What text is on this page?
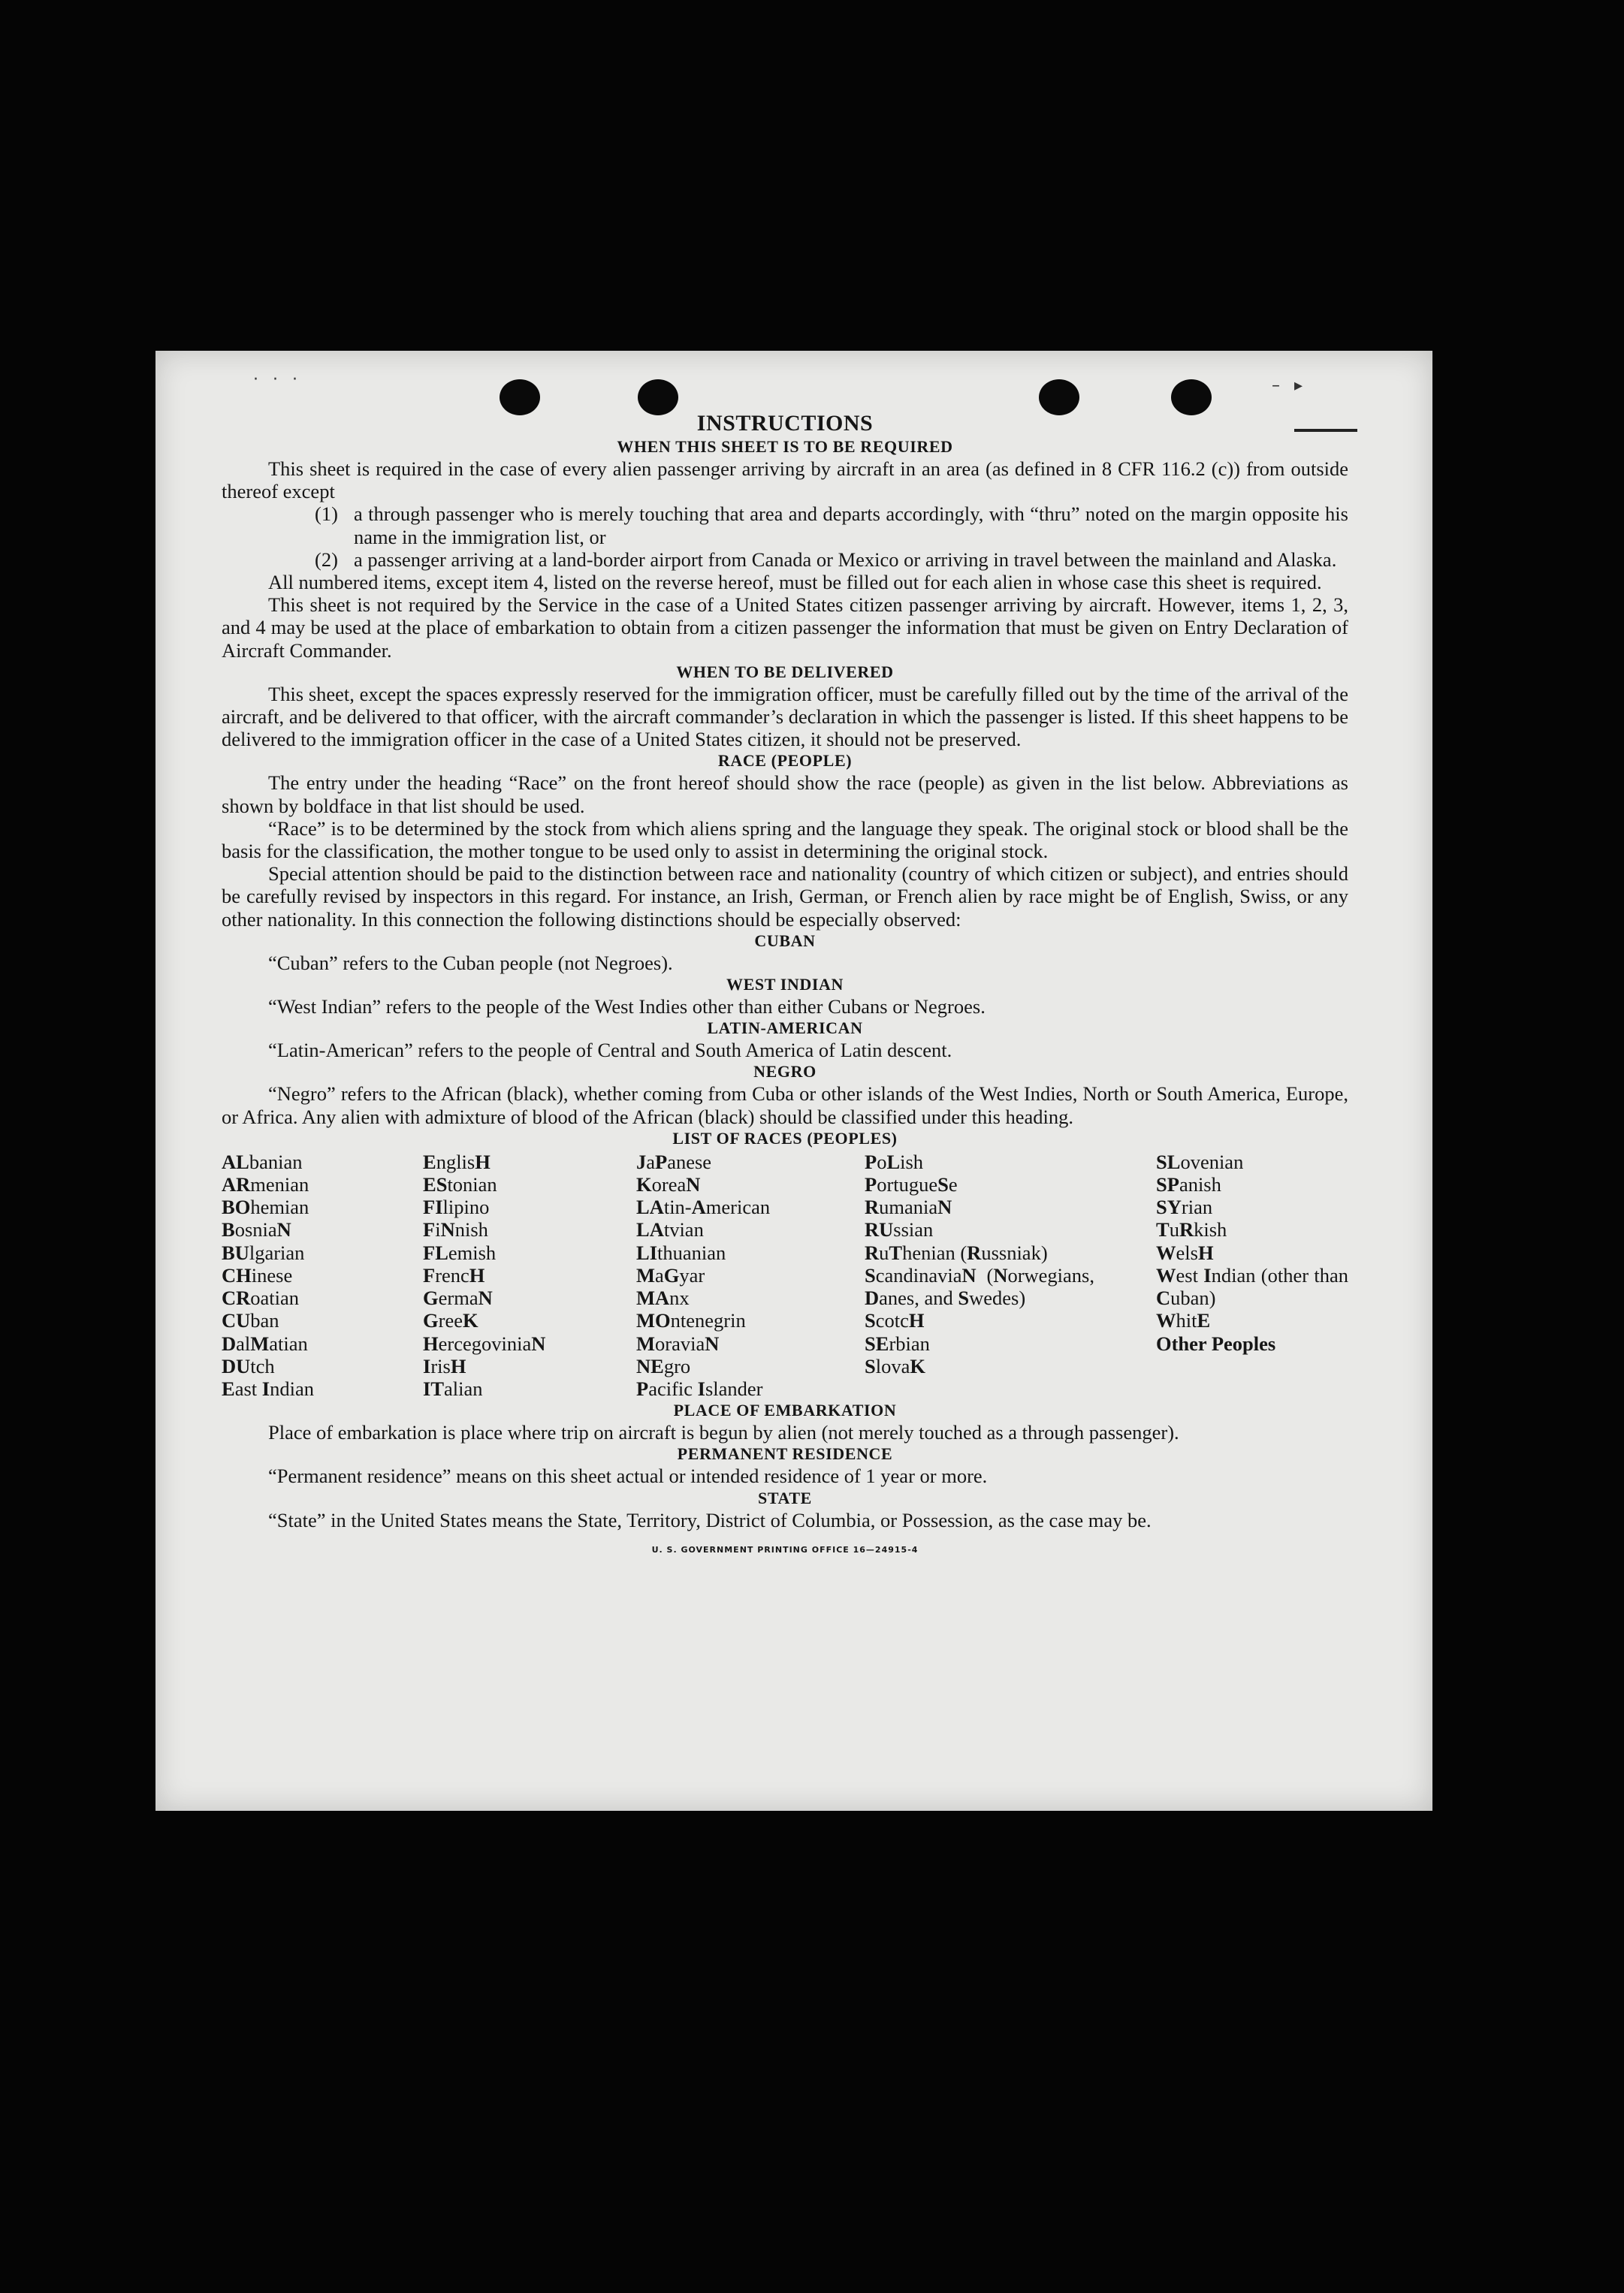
· · ·	– ▸
INSTRUCTIONS
WHEN THIS SHEET IS TO BE REQUIRED
This sheet is required in the case of every alien passenger arriving by aircraft in an area (as defined in 8 CFR 116.2 (c)) from outside thereof except
(1) a through passenger who is merely touching that area and departs accordingly, with “thru” noted on the margin opposite his name in the immigration list, or
(2) a passenger arriving at a land-border airport from Canada or Mexico or arriving in travel between the mainland and Alaska.
All numbered items, except item 4, listed on the reverse hereof, must be filled out for each alien in whose case this sheet is required.
This sheet is not required by the Service in the case of a United States citizen passenger arriving by aircraft. However, items 1, 2, 3, and 4 may be used at the place of embarkation to obtain from a citizen passenger the information that must be given on Entry Declaration of Aircraft Commander.
WHEN TO BE DELIVERED
This sheet, except the spaces expressly reserved for the immigration officer, must be carefully filled out by the time of the arrival of the aircraft, and be delivered to that officer, with the aircraft commander’s declaration in which the passenger is listed. If this sheet happens to be delivered to the immigration officer in the case of a United States citizen, it should not be preserved.
RACE (PEOPLE)
The entry under the heading “Race” on the front hereof should show the race (people) as given in the list below. Abbreviations as shown by boldface in that list should be used.
“Race” is to be determined by the stock from which aliens spring and the language they speak. The original stock or blood shall be the basis for the classification, the mother tongue to be used only to assist in determining the original stock.
Special attention should be paid to the distinction between race and nationality (country of which citizen or subject), and entries should be carefully revised by inspectors in this regard. For instance, an Irish, German, or French alien by race might be of English, Swiss, or any other nationality. In this connection the following distinctions should be especially observed:
CUBAN
“Cuban” refers to the Cuban people (not Negroes).
WEST INDIAN
“West Indian” refers to the people of the West Indies other than either Cubans or Negroes.
LATIN-AMERICAN
“Latin-American” refers to the people of Central and South America of Latin descent.
NEGRO
“Negro” refers to the African (black), whether coming from Cuba or other islands of the West Indies, North or South America, Europe, or Africa. Any alien with admixture of blood of the African (black) should be classified under this heading.
LIST OF RACES (PEOPLES)
ALbanian
ARmenian
BOhemian
BosniaN
BUlgarian
CHinese
CRoatian
CUban
DalMatian
DUtch
East Indian
EnglisH
EStonian
FIlipino
FiNnish
FLemish
FrencH
GermaN
GreeK
HercegoviniaN
IrisH
ITalian
JaPanese
KoreaN
LAtin-American
LAtvian
LIthuanian
MaGyar
MAnx
MOntenegrin
MoraviaN
NEgro
Pacific Islander
PoLish
PortugueSe
RumaniaN
RUssian
RuThenian (Russniak)
ScandinaviaN (Norwegians, Danes, and Swedes)
ScotcH
SErbian
SlovaK
SLovenian
SPanish
SYrian
TuRkish
WelsH
West Indian (other than Cuban)
WhitE
Other Peoples
PLACE OF EMBARKATION
Place of embarkation is place where trip on aircraft is begun by alien (not merely touched as a through passenger).
PERMANENT RESIDENCE
“Permanent residence” means on this sheet actual or intended residence of 1 year or more.
STATE
“State” in the United States means the State, Territory, District of Columbia, or Possession, as the case may be.
U. S. GOVERNMENT PRINTING OFFICE 16—24915-4
